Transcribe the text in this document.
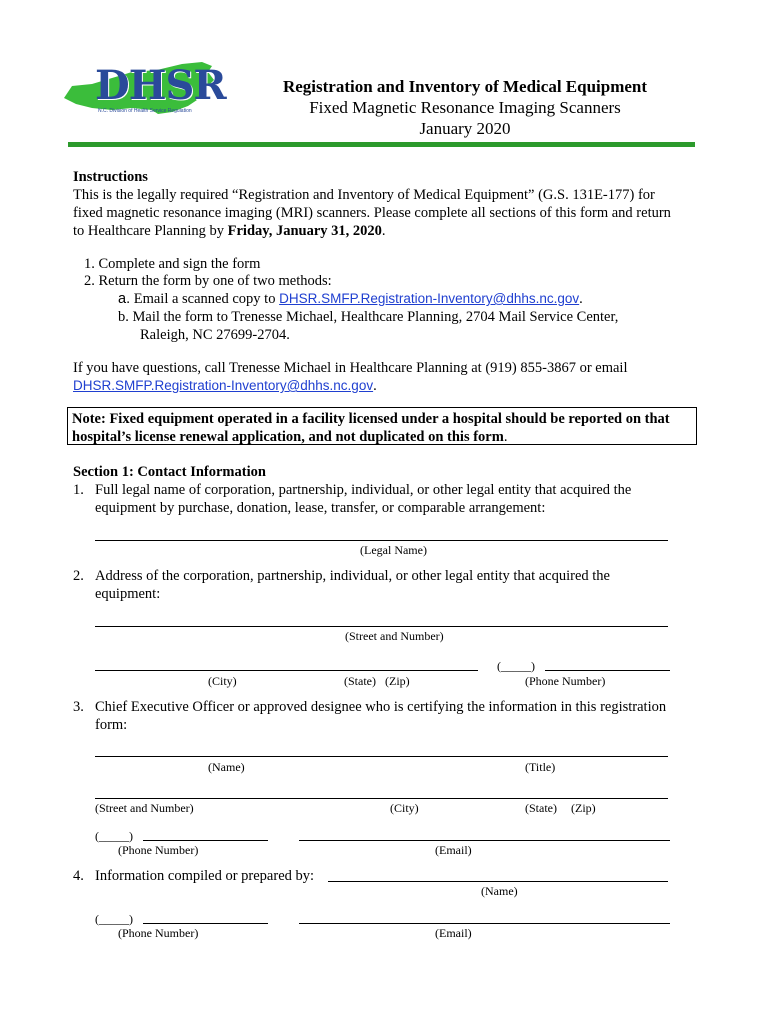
DHSR
N.C. Division of Health Service Regulation
Registration and Inventory of Medical Equipment
Fixed Magnetic Resonance Imaging Scanners
January 2020
Instructions
This is the legally required “Registration and Inventory of Medical Equipment” (G.S. 131E-177) for
fixed magnetic resonance imaging (MRI) scanners. Please complete all sections of this form and return
to Healthcare Planning by Friday, January 31, 2020.
1. Complete and sign the form
2. Return the form by one of two methods:
a. Email a scanned copy to DHSR.SMFP.Registration-Inventory@dhhs.nc.gov.
b. Mail the form to Trenesse Michael, Healthcare Planning, 2704 Mail Service Center,
Raleigh, NC 27699-2704.
If you have questions, call Trenesse Michael in Healthcare Planning at (919) 855-3867 or email
DHSR.SMFP.Registration-Inventory@dhhs.nc.gov.
Note: Fixed equipment operated in a facility licensed under a hospital should be reported on that
hospital’s license renewal application, and not duplicated on this form.
Section 1: Contact Information
1. Full legal name of corporation, partnership, individual, or other legal entity that acquired the
equipment by purchase, donation, lease, transfer, or comparable arrangement:
(Legal Name)
2. Address of the corporation, partnership, individual, or other legal entity that acquired the
equipment:
(Street and Number)
(_____)
(City)	(State)   (Zip)	(Phone Number)
3. Chief Executive Officer or approved designee who is certifying the information in this registration
form:
(Name)	(Title)
(Street and Number)	(City)	(State) (Zip)
(_____)
(Phone Number)	(Email)
4. Information compiled or prepared by:
(Name)
(_____)
(Phone Number)	(Email)
